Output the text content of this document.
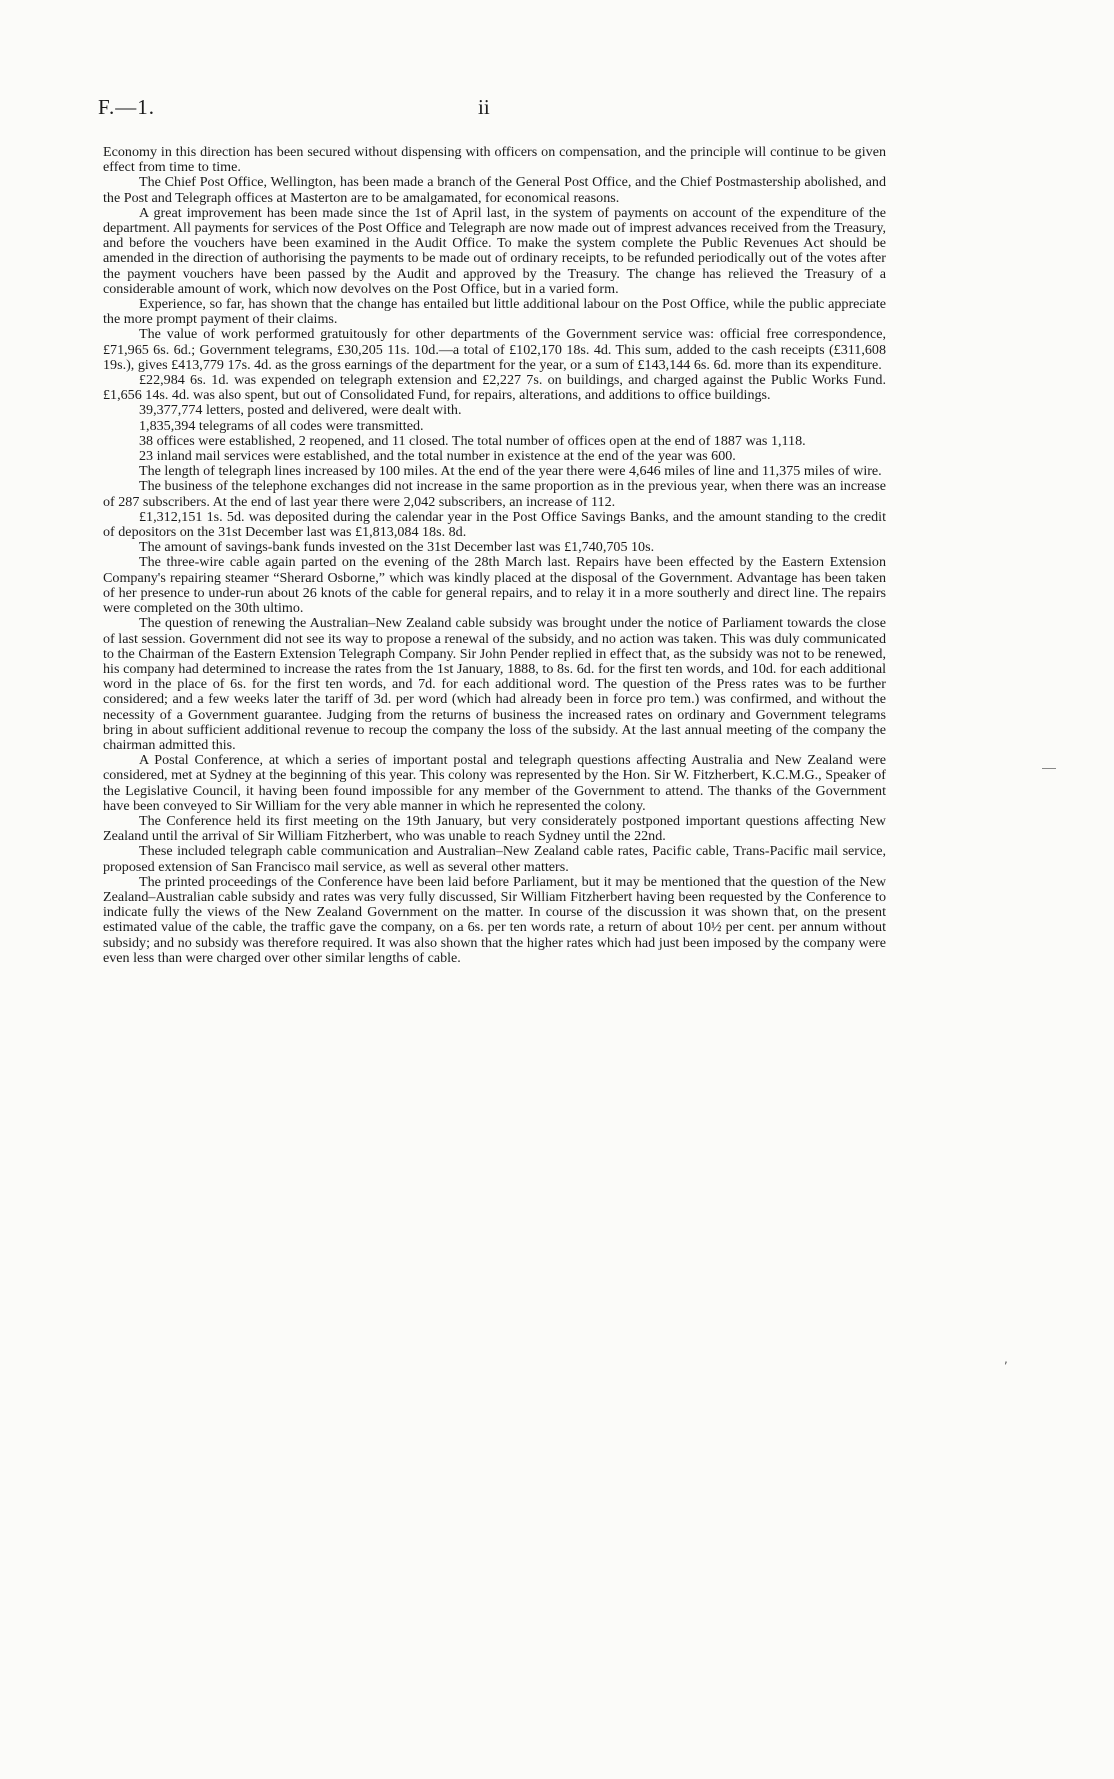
F.—1.	ii

Economy in this direction has been secured without dispensing with officers on compensation, and the principle will continue to be given effect from time to time.

The Chief Post Office, Wellington, has been made a branch of the General Post Office, and the Chief Postmastership abolished, and the Post and Telegraph offices at Masterton are to be amalgamated, for economical reasons.

A great improvement has been made since the 1st of April last, in the system of payments on account of the expenditure of the department. All payments for services of the Post Office and Telegraph are now made out of imprest advances received from the Treasury, and before the vouchers have been examined in the Audit Office. To make the system complete the Public Revenues Act should be amended in the direction of authorising the payments to be made out of ordinary receipts, to be refunded periodically out of the votes after the payment vouchers have been passed by the Audit and approved by the Treasury. The change has relieved the Treasury of a considerable amount of work, which now devolves on the Post Office, but in a varied form.

Experience, so far, has shown that the change has entailed but little additional labour on the Post Office, while the public appreciate the more prompt payment of their claims.

The value of work performed gratuitously for other departments of the Government service was: official free correspondence, £71,965 6s. 6d.; Government telegrams, £30,205 11s. 10d.—a total of £102,170 18s. 4d. This sum, added to the cash receipts (£311,608 19s.), gives £413,779 17s. 4d. as the gross earnings of the department for the year, or a sum of £143,144 6s. 6d. more than its expenditure.

£22,984 6s. 1d. was expended on telegraph extension and £2,227 7s. on buildings, and charged against the Public Works Fund. £1,656 14s. 4d. was also spent, but out of Consolidated Fund, for repairs, alterations, and additions to office buildings.

39,377,774 letters, posted and delivered, were dealt with.

1,835,394 telegrams of all codes were transmitted.

38 offices were established, 2 reopened, and 11 closed. The total number of offices open at the end of 1887 was 1,118.

23 inland mail services were established, and the total number in existence at the end of the year was 600.

The length of telegraph lines increased by 100 miles. At the end of the year there were 4,646 miles of line and 11,375 miles of wire.

The business of the telephone exchanges did not increase in the same proportion as in the previous year, when there was an increase of 287 subscribers. At the end of last year there were 2,042 subscribers, an increase of 112.

£1,312,151 1s. 5d. was deposited during the calendar year in the Post Office Savings Banks, and the amount standing to the credit of depositors on the 31st December last was £1,813,084 18s. 8d.

The amount of savings-bank funds invested on the 31st December last was £1,740,705 10s.

The three-wire cable again parted on the evening of the 28th March last. Repairs have been effected by the Eastern Extension Company's repairing steamer “Sherard Osborne,” which was kindly placed at the disposal of the Government. Advantage has been taken of her presence to under-run about 26 knots of the cable for general repairs, and to relay it in a more southerly and direct line. The repairs were completed on the 30th ultimo.

The question of renewing the Australian–New Zealand cable subsidy was brought under the notice of Parliament towards the close of last session. Government did not see its way to propose a renewal of the subsidy, and no action was taken. This was duly communicated to the Chairman of the Eastern Extension Telegraph Company. Sir John Pender replied in effect that, as the subsidy was not to be renewed, his company had determined to increase the rates from the 1st January, 1888, to 8s. 6d. for the first ten words, and 10d. for each additional word in the place of 6s. for the first ten words, and 7d. for each additional word. The question of the Press rates was to be further considered; and a few weeks later the tariff of 3d. per word (which had already been in force pro tem.) was confirmed, and without the necessity of a Government guarantee. Judging from the returns of business the increased rates on ordinary and Government telegrams bring in about sufficient additional revenue to recoup the company the loss of the subsidy. At the last annual meeting of the company the chairman admitted this.

A Postal Conference, at which a series of important postal and telegraph questions affecting Australia and New Zealand were considered, met at Sydney at the beginning of this year. This colony was represented by the Hon. Sir W. Fitzherbert, K.C.M.G., Speaker of the Legislative Council, it having been found impossible for any member of the Government to attend. The thanks of the Government have been conveyed to Sir William for the very able manner in which he represented the colony.

The Conference held its first meeting on the 19th January, but very considerately postponed important questions affecting New Zealand until the arrival of Sir William Fitzherbert, who was unable to reach Sydney until the 22nd.

These included telegraph cable communication and Australian–New Zealand cable rates, Pacific cable, Trans-Pacific mail service, proposed extension of San Francisco mail service, as well as several other matters.

The printed proceedings of the Conference have been laid before Parliament, but it may be mentioned that the question of the New Zealand–Australian cable subsidy and rates was very fully discussed, Sir William Fitzherbert having been requested by the Conference to indicate fully the views of the New Zealand Government on the matter. In course of the discussion it was shown that, on the present estimated value of the cable, the traffic gave the company, on a 6s. per ten words rate, a return of about 10½ per cent. per annum without subsidy; and no subsidy was therefore required. It was also shown that the higher rates which had just been imposed by the company were even less than were charged over other similar lengths of cable.

,
